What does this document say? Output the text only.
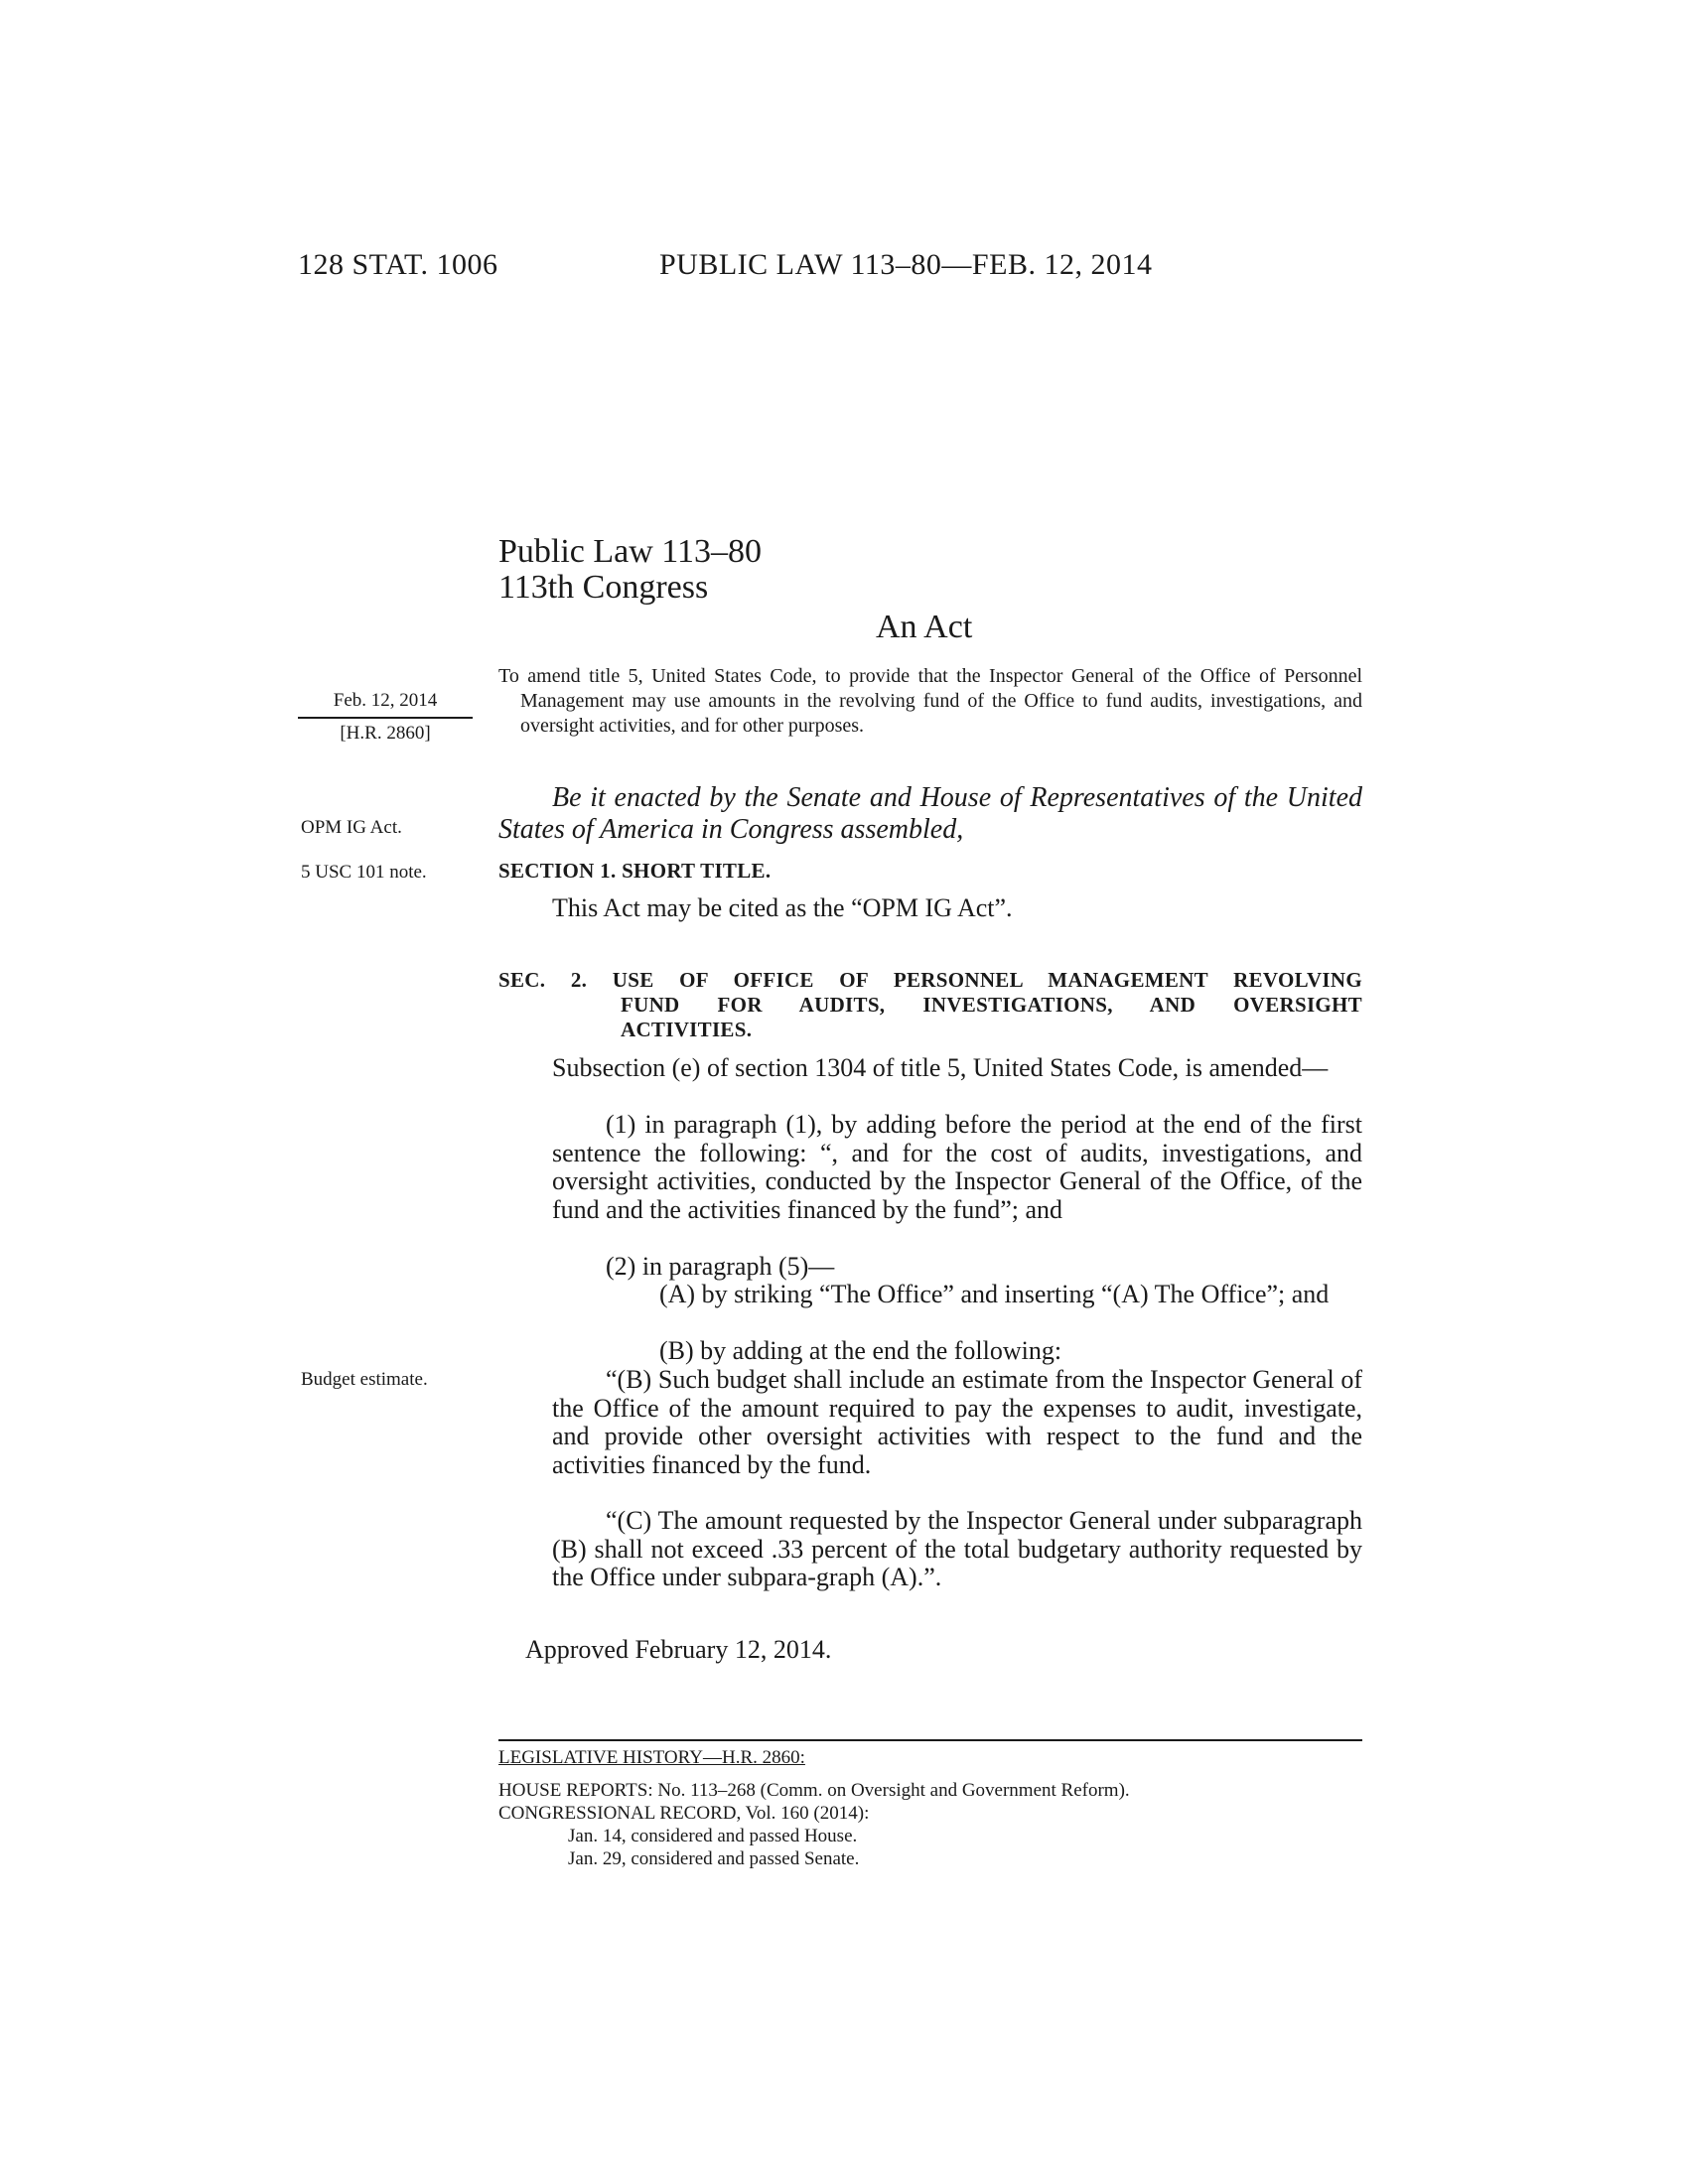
128 STAT. 1006	PUBLIC LAW 113–80—FEB. 12, 2014
Public Law 113–80
113th Congress
An Act
Feb. 12, 2014
[H.R. 2860]
To amend title 5, United States Code, to provide that the Inspector General of the Office of Personnel Management may use amounts in the revolving fund of the Office to fund audits, investigations, and oversight activities, and for other purposes.
OPM IG Act.
Be it enacted by the Senate and House of Representatives of the United States of America in Congress assembled,
5 USC 101 note.	SECTION 1. SHORT TITLE.
This Act may be cited as the “OPM IG Act”.
SEC. 2. USE OF OFFICE OF PERSONNEL MANAGEMENT REVOLVING
FUND FOR AUDITS, INVESTIGATIONS, AND OVERSIGHT
ACTIVITIES.
Subsection (e) of section 1304 of title 5, United States Code, is amended—
(1) in paragraph (1), by adding before the period at the end of the first sentence the following: “, and for the cost of audits, investigations, and oversight activities, conducted by the Inspector General of the Office, of the fund and the activities financed by the fund”; and
(2) in paragraph (5)—
(A) by striking “The Office” and inserting “(A) The Office”; and
(B) by adding at the end the following:
Budget estimate.	“(B) Such budget shall include an estimate from the Inspector General of the Office of the amount required to pay the expenses to audit, investigate, and provide other oversight activities with respect to the fund and the activities financed by the fund.
“(C) The amount requested by the Inspector General under subparagraph (B) shall not exceed .33 percent of the total budgetary authority requested by the Office under subpara-graph (A).”.
Approved February 12, 2014.
LEGISLATIVE HISTORY—H.R. 2860:
HOUSE REPORTS: No. 113–268 (Comm. on Oversight and Government Reform).
CONGRESSIONAL RECORD, Vol. 160 (2014):
Jan. 14, considered and passed House.
Jan. 29, considered and passed Senate.
